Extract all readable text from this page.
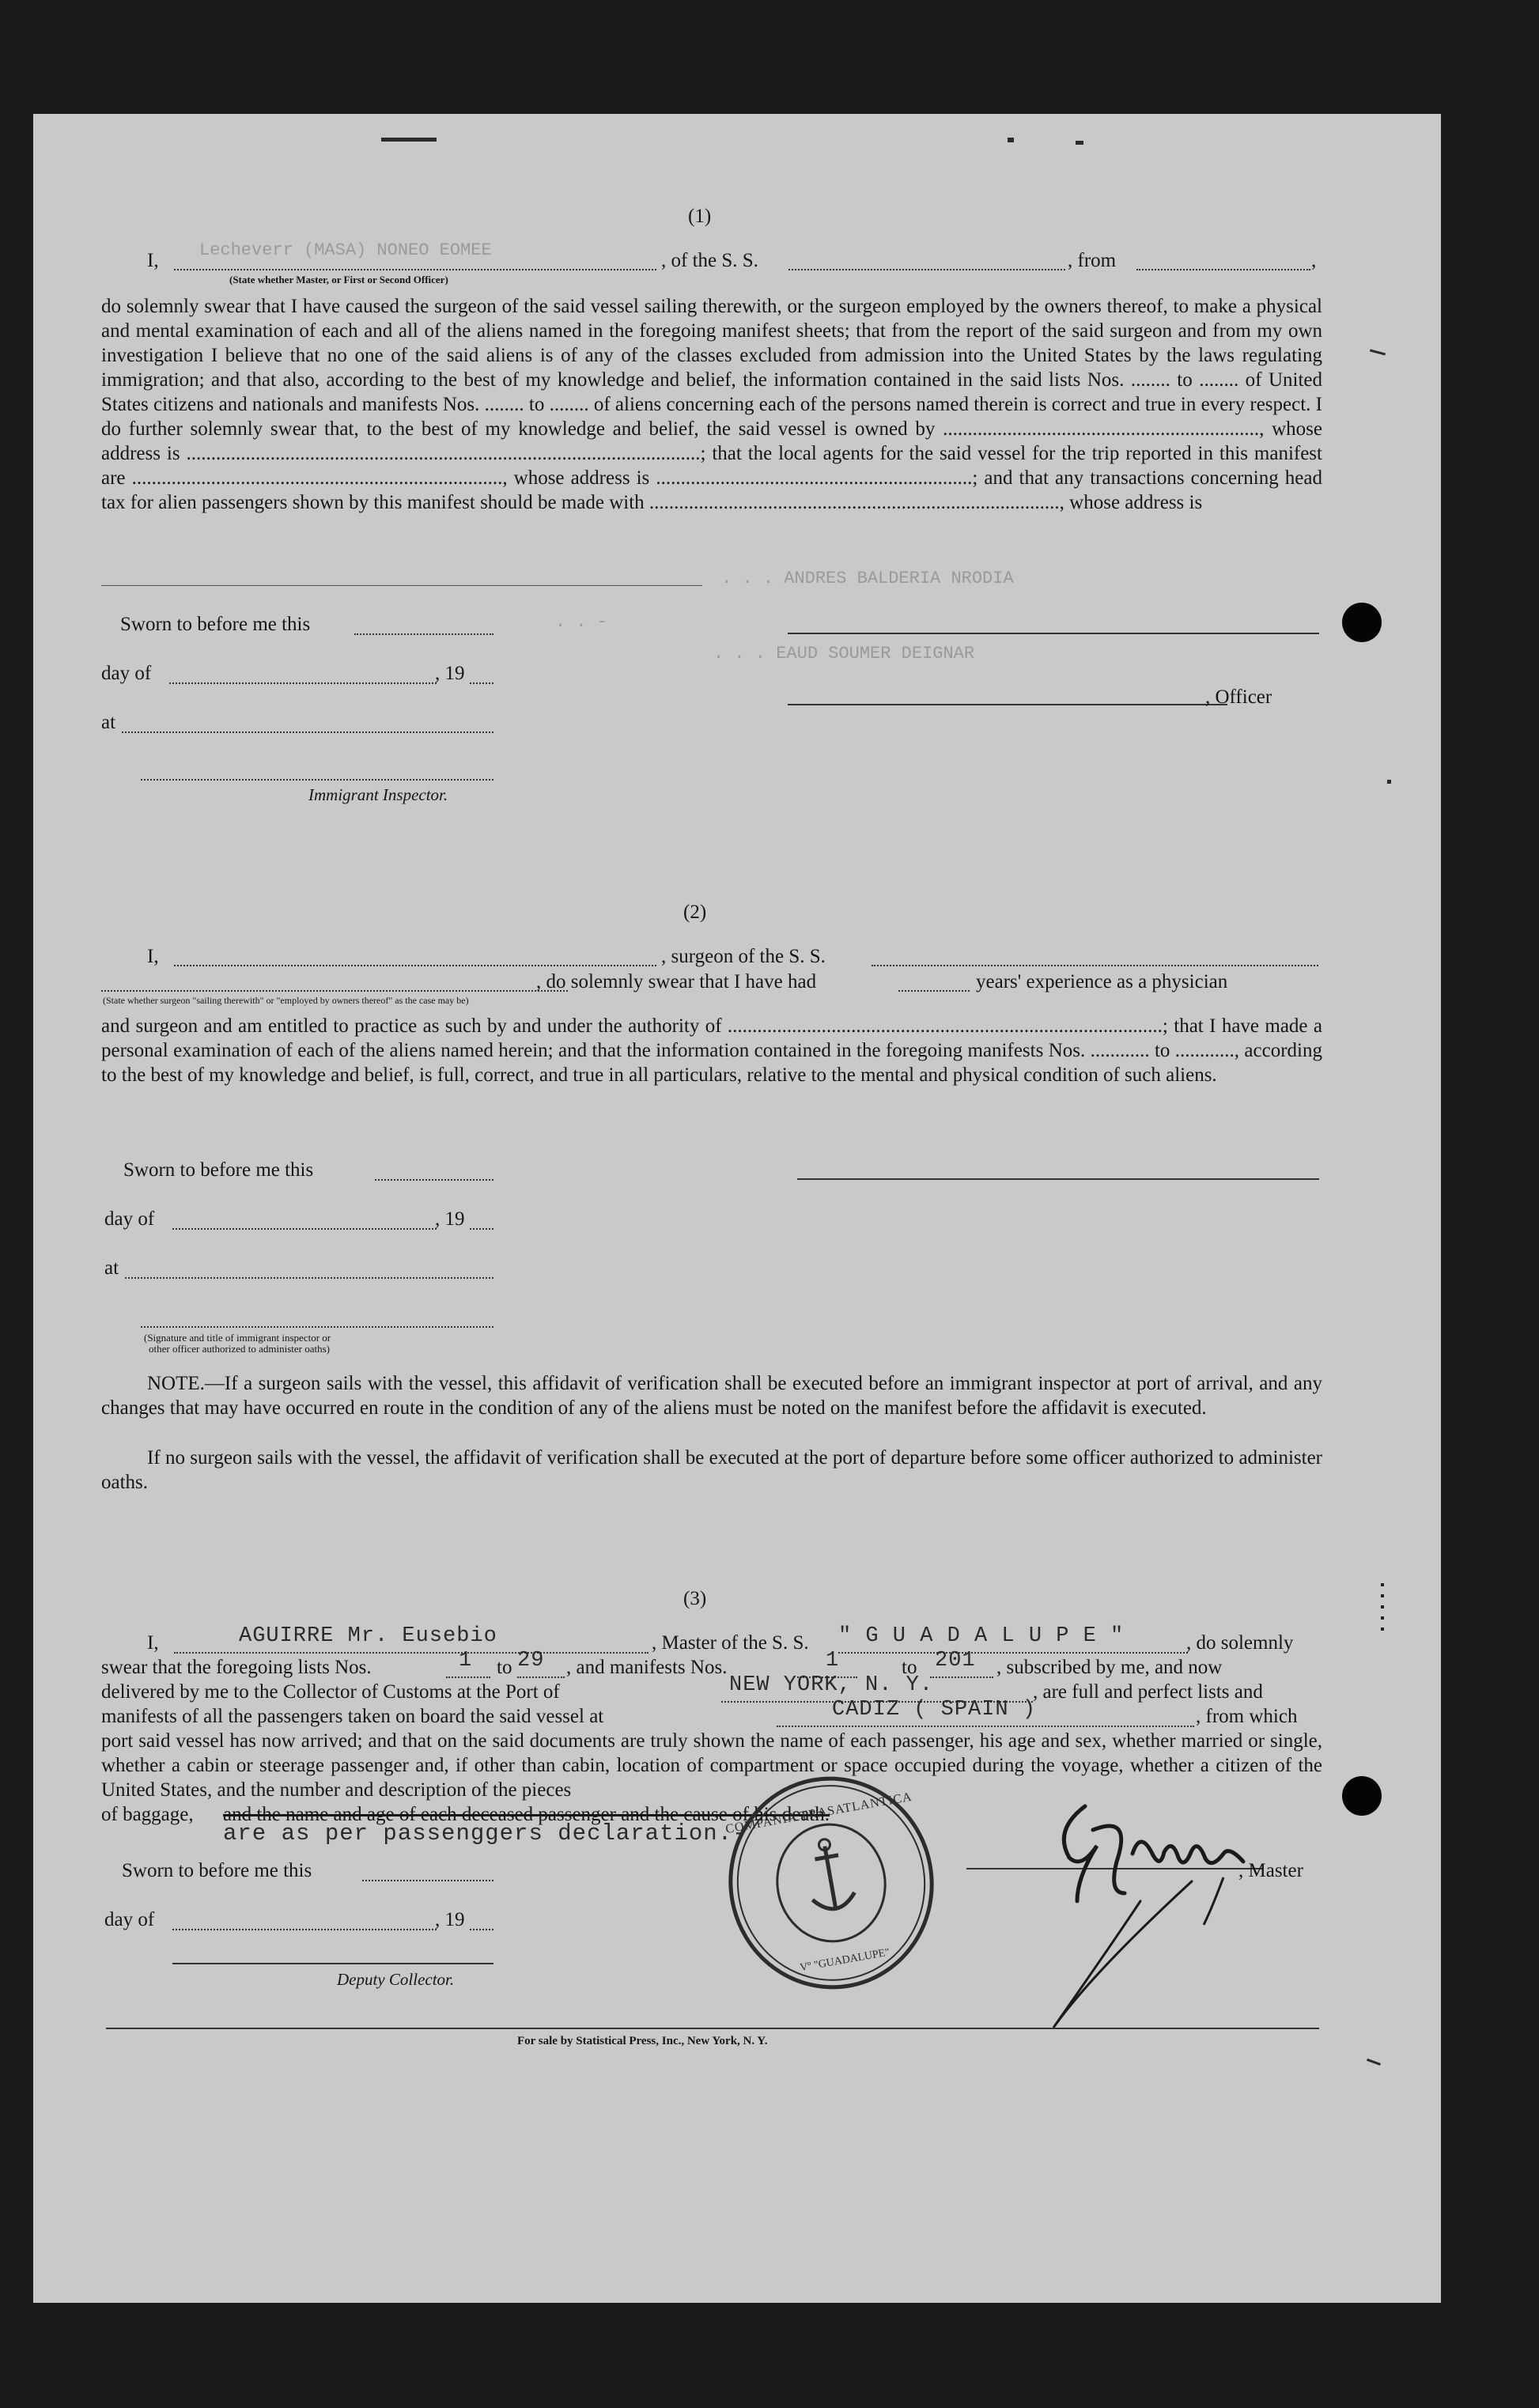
(1)
I, Lecheverr (MASA) NONEO EOMEE	, of the S. S.	, from	,
(State whether Master, or First or Second Officer)
do solemnly swear that I have caused the surgeon of the said vessel sailing therewith, or the surgeon employed by the owners thereof, to make a physical and mental examination of each and all of the aliens named in the foregoing manifest sheets; that from the report of the said surgeon and from my own investigation I believe that no one of the said aliens is of any of the classes excluded from admission into the United States by the laws regulating immigration; and that also, according to the best of my knowledge and belief, the information contained in the said lists Nos. ........ to ........ of United States citizens and nationals and manifests Nos. ........ to ........ of aliens concerning each of the persons named therein is correct and true in every respect. I do further solemnly swear that, to the best of my knowledge and belief, the said vessel is owned by ................................................................, whose address is ........................................................................................................; that the local agents for the said vessel for the trip reported in this manifest are ..........................................................................., whose address is ................................................................; and that any transactions concerning head tax for alien passengers shown by this manifest should be made with ..................................................................................., whose address is
. . . ANDRES BALDERIA NRODIA
. . -
. . . EAUD SOUMER DEIGNAR
Sworn to before me this
day of	, 19
, Officer
at
Immigrant Inspector.
(2)
I,	, surgeon of the S. S.
, do solemnly swear that I have had	years' experience as a physician
(State whether surgeon "sailing therewith" or "employed by owners thereof" as the case may be)
and surgeon and am entitled to practice as such by and under the authority of ........................................................................................; that I have made a personal examination of each of the aliens named herein; and that the information contained in the foregoing manifests Nos. ............ to ............, according to the best of my knowledge and belief, is full, correct, and true in all particulars, relative to the mental and physical condition of such aliens.
Sworn to before me this
day of	, 19
at
(Signature and title of immigrant inspector or
other officer authorized to administer oaths)
NOTE.—If a surgeon sails with the vessel, this affidavit of verification shall be executed before an immigrant inspector at port of arrival, and any changes that may have occurred en route in the condition of any of the aliens must be noted on the manifest before the affidavit is executed.
If no surgeon sails with the vessel, the affidavit of verification shall be executed at the port of departure before some officer authorized to administer oaths.
(3)
I,	AGUIRRE Mr. Eusebio	, Master of the S. S. " G U A D A L U P E "	, do solemnly
swear that the foregoing lists Nos.	1 to 29 , and manifests Nos.	1	to 201 , subscribed by me, and now
delivered by me to the Collector of Customs at the Port of	NEW YORK, N. Y.	, are full and perfect lists and
manifests of all the passengers taken on board the said vessel at	CADIZ ( SPAIN )	, from which
port said vessel has now arrived; and that on the said documents are truly shown the name of each passenger, his age and sex, whether married or single, whether a cabin or steerage passenger and, if other than cabin, location of compartment or space occupied during the voyage, whether a citizen of the United States, and the number and description of the pieces
of baggage, and the name and age of each deceased passenger and the cause of his death.
are as per passenggers declaration.-
Sworn to before me this	, Master
day of	, 19
Deputy Collector.
For sale by Statistical Press, Inc., New York, N. Y.
COMPAÑIA TRASATLANTICA
Vº "GUADALUPE"
